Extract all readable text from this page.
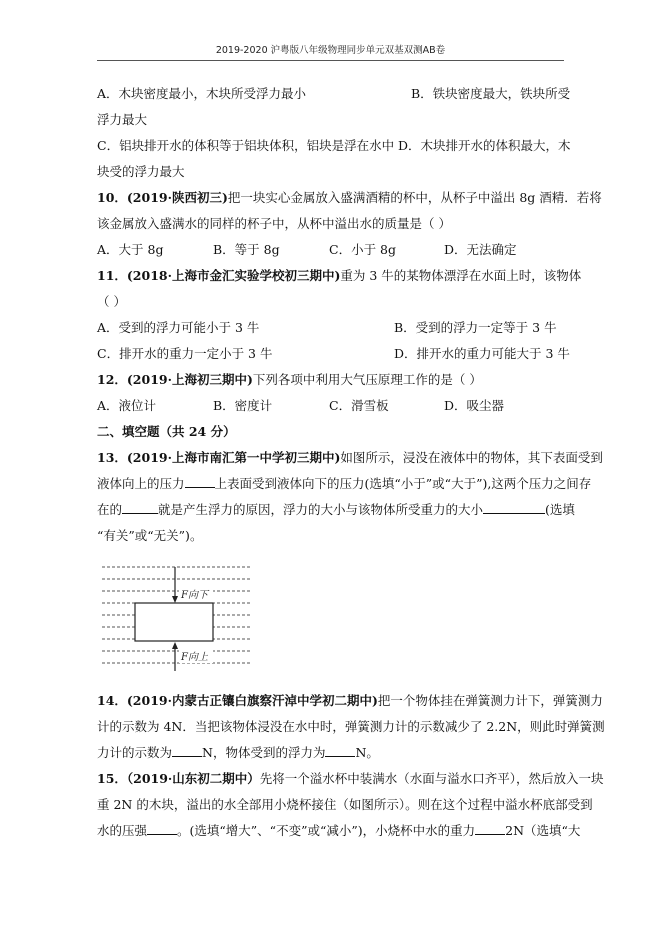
2019-2020 沪粤版八年级物理同步单元双基双测AB卷
A．木块密度最小，木块所受浮力最小	B．铁块密度最大，铁块所受
浮力最大
C．铝块排开水的体积等于铝块体积，铝块是浮在水中 D．木块排开水的体积最大，木
块受的浮力最大
10．(2019·陕西初三)把一块实心金属放入盛满酒精的杯中，从杯子中溢出 8g 酒精．若将
该金属放入盛满水的同样的杯子中，从杯中溢出水的质量是（ ）
A．大于 8g	B．等于 8g	C．小于 8g	D．无法确定
11．(2018·上海市金汇实验学校初三期中)重为 3 牛的某物体漂浮在水面上时，该物体
（ ）
A．受到的浮力可能小于 3 牛	B．受到的浮力一定等于 3 牛
C．排开水的重力一定小于 3 牛	D．排开水的重力可能大于 3 牛
12．(2019·上海初三期中)下列各项中利用大气压原理工作的是（ ）
A．液位计	B．密度计	C．滑雪板	D．吸尘器
二、填空题（共 24 分）
13．(2019·上海市南汇第一中学初三期中)如图所示，浸没在液体中的物体，其下表面受到
液体向上的压力 上表面受到液体向下的压力(选填“小于”或“大于”),这两个压力之间存
在的	就是产生浮力的原因，浮力的大小与该物体所受重力的大小	(选填
“有关”或“无关”)。
F向下
F向上
14．(2019·内蒙古正镶白旗察汗淖中学初二期中)把一个物体挂在弹簧测力计下，弹簧测力
计的示数为 4N．当把该物体浸没在水中时，弹簧测力计的示数减少了 2.2N，则此时弹簧测
力计的示数为 N，物体受到的浮力为 N。
15．（2019·山东初二期中）先将一个溢水杯中装满水（水面与溢水口齐平），然后放入一块
重 2N 的木块，溢出的水全部用小烧杯接住（如图所示）。则在这个过程中溢水杯底部受到
水的压强 。(选填“增大”、“不变”或“减小”)，小烧杯中水的重力 2N（选填“大
